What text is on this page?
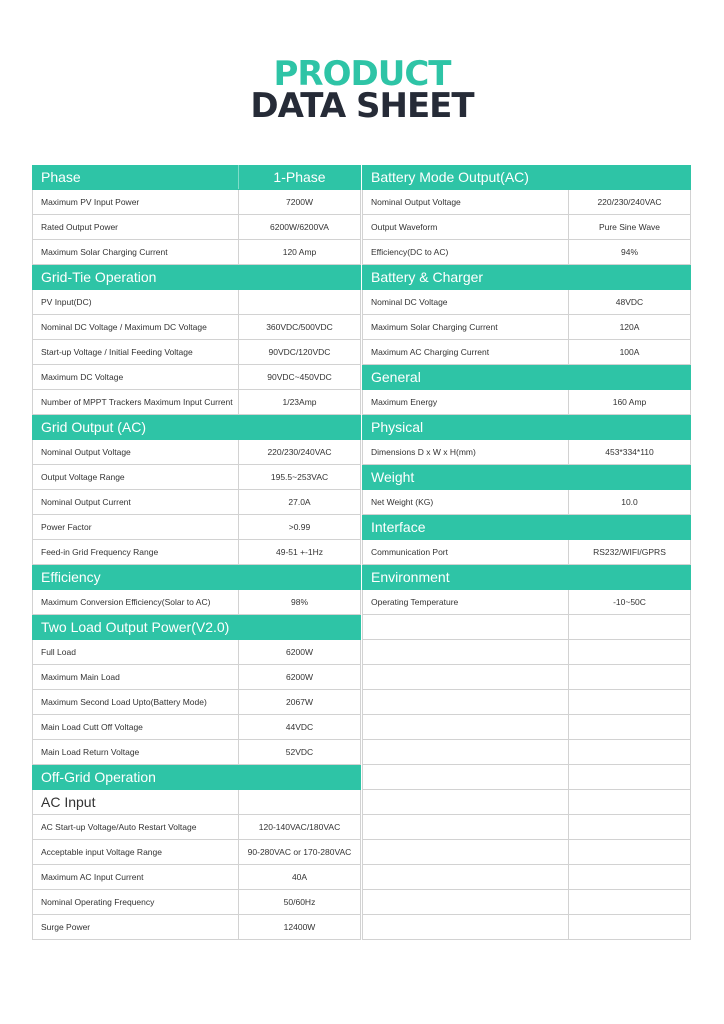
PRODUCT
DATA SHEET
Phase	1-Phase
Maximum PV Input Power	7200W
Rated Output Power	6200W/6200VA
Maximum Solar Charging Current	120 Amp
Grid-Tie Operation
PV Input(DC)
Nominal DC Voltage / Maximum DC Voltage	360VDC/500VDC
Start-up Voltage / Initial Feeding Voltage	90VDC/120VDC
Maximum DC Voltage	90VDC~450VDC
Number of MPPT Trackers Maximum Input Current	1/23Amp
Grid Output (AC)
Nominal Output Voltage	220/230/240VAC
Output Voltage Range	195.5~253VAC
Nominal Output Current	27.0A
Power Factor	>0.99
Feed-in Grid Frequency Range	49-51 +-1Hz
Efficiency
Maximum Conversion Efficiency(Solar to AC)	98%
Two Load Output Power(V2.0)
Full Load	6200W
Maximum Main Load	6200W
Maximum Second Load Upto(Battery Mode)	2067W
Main Load Cutt Off Voltage	44VDC
Main Load Return Voltage	52VDC
Off-Grid Operation
AC Input
AC Start-up Voltage/Auto Restart Voltage	120-140VAC/180VAC
Acceptable input Voltage Range	90-280VAC or 170-280VAC
Maximum AC Input Current	40A
Nominal Operating Frequency	50/60Hz
Surge Power	12400W
Battery Mode Output(AC)
Nominal Output Voltage	220/230/240VAC
Output Waveform	Pure Sine Wave
Efficiency(DC to AC)	94%
Battery & Charger
Nominal DC Voltage	48VDC
Maximum Solar Charging Current	120A
Maximum AC Charging Current	100A
General
Maximum Energy	160 Amp
Physical
Dimensions D x W x H(mm)	453*334*110
Weight
Net Weight (KG)	10.0
Interface
Communication Port	RS232/WIFI/GPRS
Environment
Operating Temperature	-10~50C
